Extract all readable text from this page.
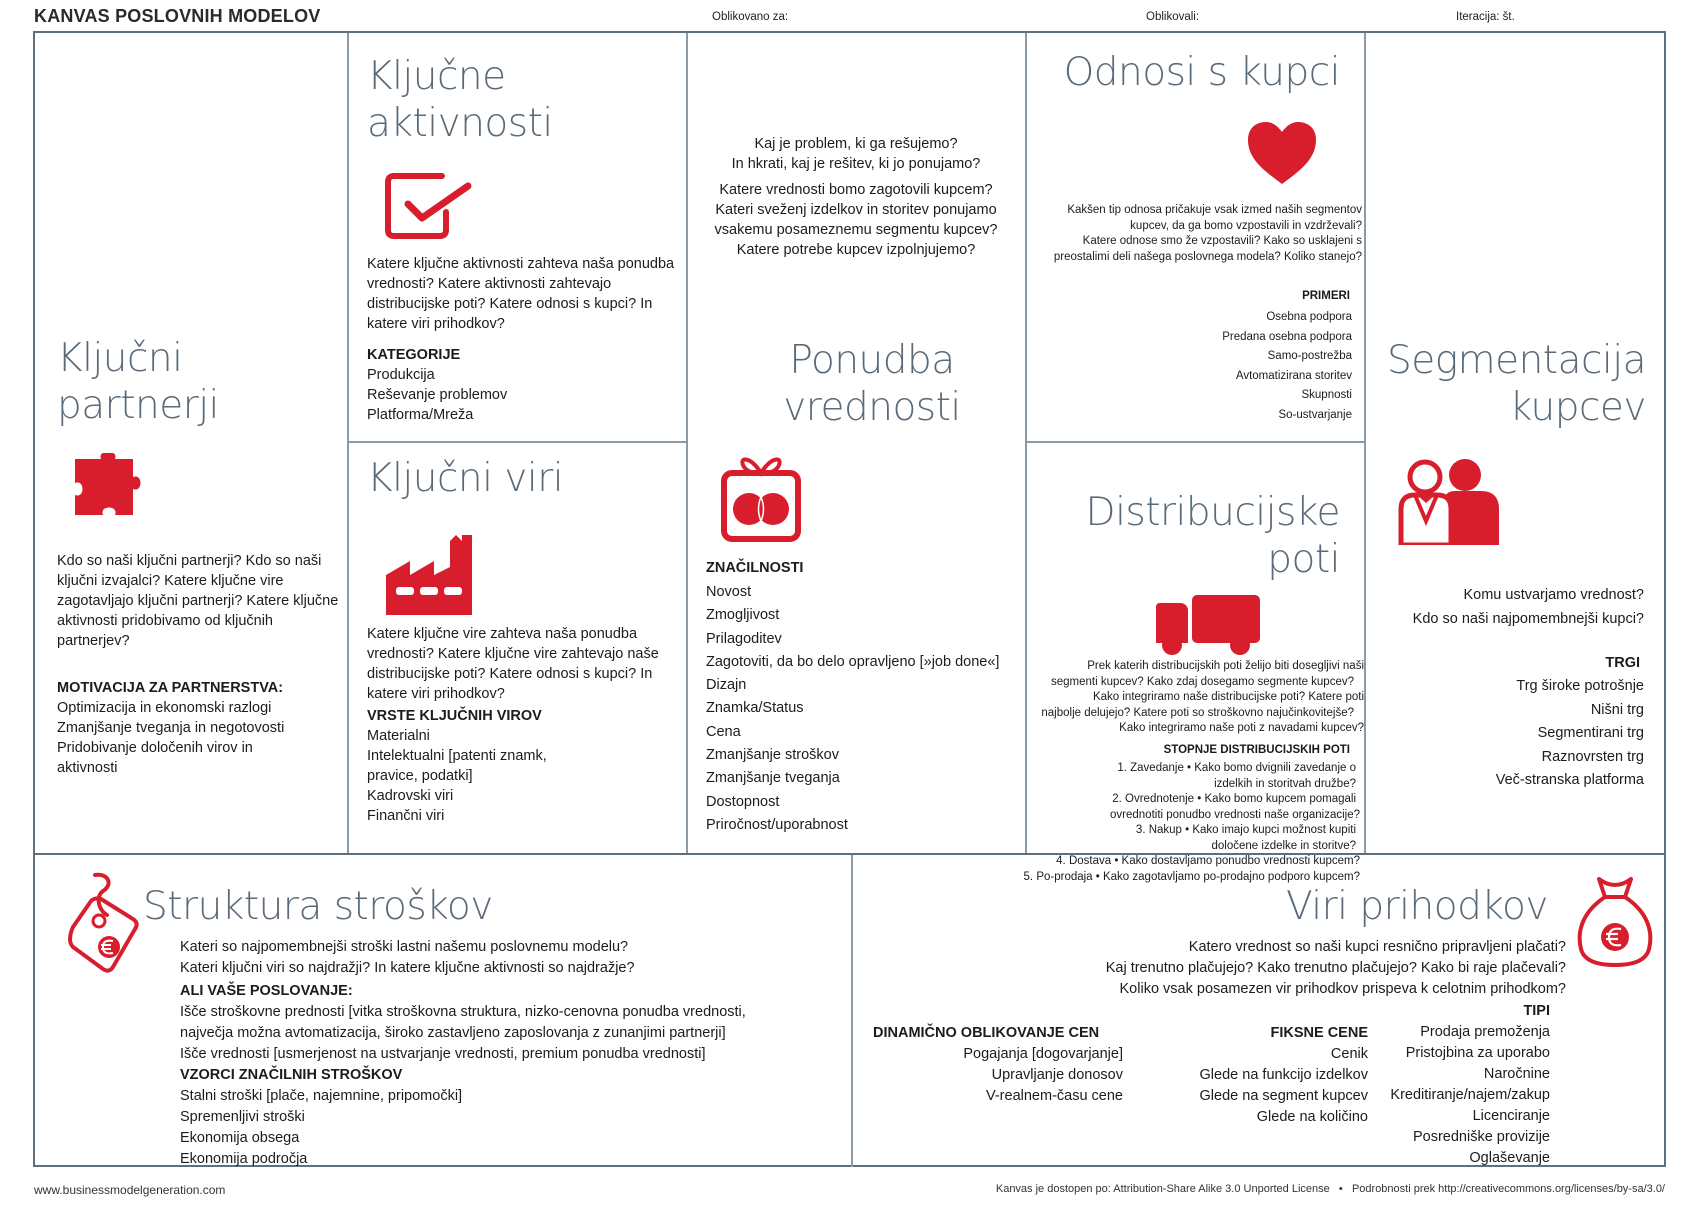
KANVAS POSLOVNIH MODELOV	Oblikovano za:	Oblikovali:	Iteracija: št.
Ključni
partnerji
Kdo so naši ključni partnerji? Kdo so naši ključni izvajalci? Katere ključne vire zagotavljajo ključni partnerji? Katere ključne aktivnosti pridobivamo od ključnih partnerjev?
MOTIVACIJA ZA PARTNERSTVA:
Optimizacija in ekonomski razlogi
Zmanjšanje tveganja in negotovosti
Pridobivanje določenih virov in aktivnosti
Ključne
aktivnosti
Katere ključne aktivnosti zahteva naša ponudba vrednosti? Katere aktivnosti zahtevajo distribucijske poti? Katere odnosi s kupci? In katere viri prihodkov?
KATEGORIJE
Produkcija
Reševanje problemov
Platforma/Mreža
Ključni viri
Katere ključne vire zahteva naša ponudba vrednosti? Katere ključne vire zahtevajo naše distribucijske poti? Katere odnosi s kupci? In katere viri prihodkov?
VRSTE KLJUČNIH VIROV
Materialni
Intelektualni [patenti znamk, pravice, podatki]
Kadrovski viri
Finančni viri
Kaj je problem, ki ga rešujemo?
In hkrati, kaj je rešitev, ki jo ponujamo?
Katere vrednosti bomo zagotovili kupcem?
Kateri sveženj izdelkov in storitev ponujamo
vsakemu posameznemu segmentu kupcev?
Katere potrebe kupcev izpolnjujemo?
Ponudba
vrednosti
ZNAČILNOSTI
Novost
Zmogljivost
Prilagoditev
Zagotoviti, da bo delo opravljeno [»job done«]
Dizajn
Znamka/Status
Cena
Zmanjšanje stroškov
Zmanjšanje tveganja
Dostopnost
Priročnost/uporabnost
Odnosi s kupci
Kakšen tip odnosa pričakuje vsak izmed naših segmentov
kupcev, da ga bomo vzpostavili in vzdrževali?
Katere odnose smo že vzpostavili? Kako so usklajeni s
preostalimi deli našega poslovnega modela? Koliko stanejo?
PRIMERI
Osebna podpora
Predana osebna podpora
Samo-postrežba
Avtomatizirana storitev
Skupnosti
So-ustvarjanje
Distribucijske
poti
Prek katerih distribucijskih poti želijo biti dosegljivi naši
segmenti kupcev? Kako zdaj dosegamo segmente kupcev?
Kako integriramo naše distribucijske poti? Katere poti
najbolje delujejo? Katere poti so stroškovno najučinkovitejše?
Kako integriramo naše poti z navadami kupcev?
STOPNJE DISTRIBUCIJSKIH POTI
1. Zavedanje • Kako bomo dvignili zavedanje o
izdelkih in storitvah družbe?
2. Ovrednotenje • Kako bomo kupcem pomagali
ovrednotiti ponudbo vrednosti naše organizacije?
3. Nakup • Kako imajo kupci možnost kupiti
določene izdelke in storitve?
4. Dostava • Kako dostavljamo ponudbo vrednosti kupcem?
5. Po-prodaja • Kako zagotavljamo po-prodajno podporo kupcem?
Segmentacija
kupcev
Komu ustvarjamo vrednost?
Kdo so naši najpomembnejši kupci?
TRGI
Trg široke potrošnje
Nišni trg
Segmentirani trg
Raznovrsten trg
Več-stranska platforma
Struktura stroškov
Kateri so najpomembnejši stroški lastni našemu poslovnemu modelu?
Kateri ključni viri so najdražji? In katere ključne aktivnosti so najdražje?
ALI VAŠE POSLOVANJE:
Išče stroškovne prednosti [vitka stroškovna struktura, nizko-cenovna ponudba vrednosti,
največja možna avtomatizacija, široko zastavljeno zaposlovanja z zunanjimi partnerji]
Išče vrednosti [usmerjenost na ustvarjanje vrednosti, premium ponudba vrednosti]
VZORCI ZNAČILNIH STROŠKOV
Stalni stroški [plače, najemnine, pripomočki]
Spremenljivi stroški
Ekonomija obsega
Ekonomija področja
Viri prihodkov
Katero vrednost so naši kupci resnično pripravljeni plačati?
Kaj trenutno plačujejo? Kako trenutno plačujejo? Kako bi raje plačevali?
Koliko vsak posamezen vir prihodkov prispeva k celotnim prihodkom?
DINAMIČNO OBLIKOVANJE CEN
Pogajanja [dogovarjanje]
Upravljanje donosov
V-realnem-času cene
FIKSNE CENE
Cenik
Glede na funkcijo izdelkov
Glede na segment kupcev
Glede na količino
TIPI
Prodaja premoženja
Pristojbina za uporabo
Naročnine
Kreditiranje/najem/zakup
Licenciranje
Posredniške provizije
Oglaševanje
www.businessmodelgeneration.com	Kanvas je dostopen po: Attribution-Share Alike 3.0 Unported License • Podrobnosti prek http://creativecommons.org/licenses/by-sa/3.0/
